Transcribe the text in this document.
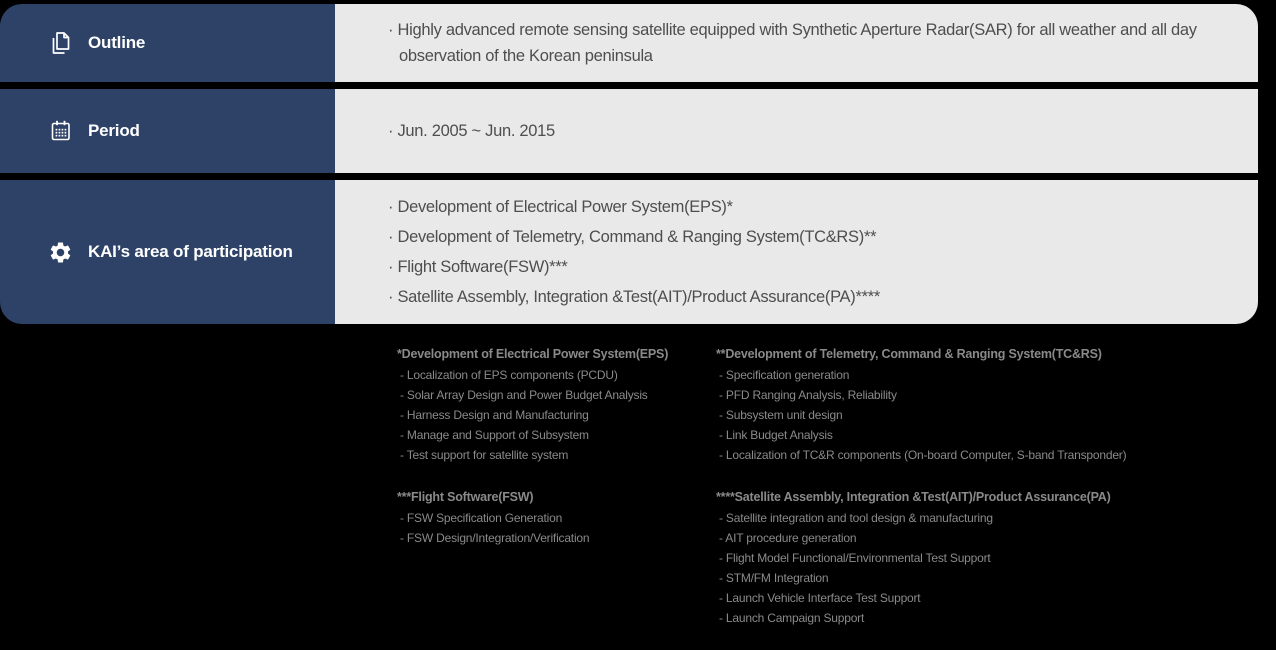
Outline
· Highly advanced remote sensing satellite equipped with Synthetic Aperture Radar(SAR) for all weather and all day observation of the Korean peninsula
Period	· Jun. 2005 ~ Jun. 2015
KAI’s area of participation
· Development of Electrical Power System(EPS)*
· Development of Telemetry, Command & Ranging System(TC&RS)**
· Flight Software(FSW)***
· Satellite Assembly, Integration &Test(AIT)/Product Assurance(PA)****
*Development of Electrical Power System(EPS)
- Localization of EPS components (PCDU)
- Solar Array Design and Power Budget Analysis
- Harness Design and Manufacturing
- Manage and Support of Subsystem
- Test support for satellite system
***Flight Software(FSW)
- FSW Specification Generation
- FSW Design/Integration/Verification
**Development of Telemetry, Command & Ranging System(TC&RS)
- Specification generation
- PFD Ranging Analysis, Reliability
- Subsystem unit design
- Link Budget Analysis
- Localization of TC&R components (On-board Computer, S-band Transponder)
****Satellite Assembly, Integration &Test(AIT)/Product Assurance(PA)
- Satellite integration and tool design & manufacturing
- AIT procedure generation
- Flight Model Functional/Environmental Test Support
- STM/FM Integration
- Launch Vehicle Interface Test Support
- Launch Campaign Support
